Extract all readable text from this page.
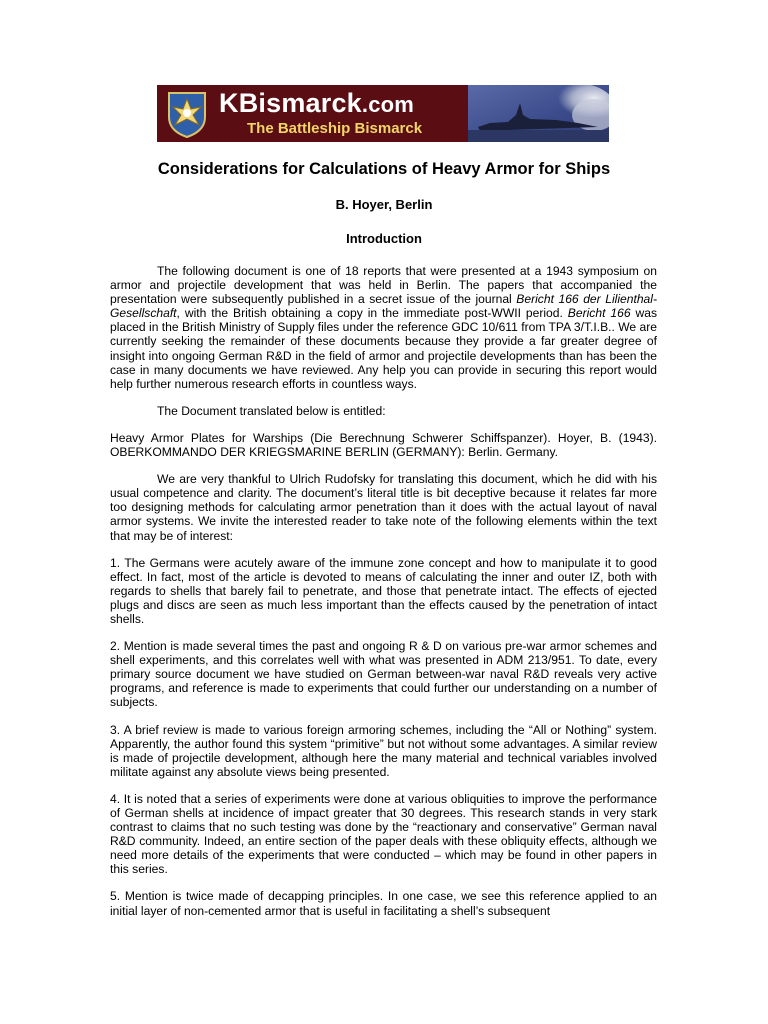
KBismarck.com
The Battleship Bismarck
Considerations for Calculations of Heavy Armor for Ships
B. Hoyer, Berlin
Introduction

The following document is one of 18 reports that were presented at a 1943 symposium on armor and projectile development that was held in Berlin. The papers that accompanied the presentation were subsequently published in a secret issue of the journal Bericht 166 der Lilienthal-Gesellschaft, with the British obtaining a copy in the immediate post-WWII period. Bericht 166 was placed in the British Ministry of Supply files under the reference GDC 10/611 from TPA 3/T.I.B.. We are currently seeking the remainder of these documents because they provide a far greater degree of insight into ongoing German R&D in the field of armor and projectile developments than has been the case in many documents we have reviewed. Any help you can provide in securing this report would help further numerous research efforts in countless ways.

The Document translated below is entitled:

Heavy Armor Plates for Warships (Die Berechnung Schwerer Schiffspanzer). Hoyer, B. (1943). OBERKOMMANDO DER KRIEGSMARINE BERLIN (GERMANY): Berlin. Germany.

We are very thankful to Ulrich Rudofsky for translating this document, which he did with his usual competence and clarity. The document’s literal title is bit deceptive because it relates far more too designing methods for calculating armor penetration than it does with the actual layout of naval armor systems. We invite the interested reader to take note of the following elements within the text that may be of interest:

1. The Germans were acutely aware of the immune zone concept and how to manipulate it to good effect. In fact, most of the article is devoted to means of calculating the inner and outer IZ, both with regards to shells that barely fail to penetrate, and those that penetrate intact. The effects of ejected plugs and discs are seen as much less important than the effects caused by the penetration of intact shells.

2. Mention is made several times the past and ongoing R & D on various pre-war armor schemes and shell experiments, and this correlates well with what was presented in ADM 213/951. To date, every primary source document we have studied on German between-war naval R&D reveals very active programs, and reference is made to experiments that could further our understanding on a number of subjects.

3. A brief review is made to various foreign armoring schemes, including the “All or Nothing” system. Apparently, the author found this system “primitive” but not without some advantages. A similar review is made of projectile development, although here the many material and technical variables involved militate against any absolute views being presented.

4. It is noted that a series of experiments were done at various obliquities to improve the performance of German shells at incidence of impact greater that 30 degrees. This research stands in very stark contrast to claims that no such testing was done by the “reactionary and conservative” German naval R&D community. Indeed, an entire section of the paper deals with these obliquity effects, although we need more details of the experiments that were conducted – which may be found in other papers in this series.

5. Mention is twice made of decapping principles. In one case, we see this reference applied to an initial layer of non-cemented armor that is useful in facilitating a shell’s subsequent
